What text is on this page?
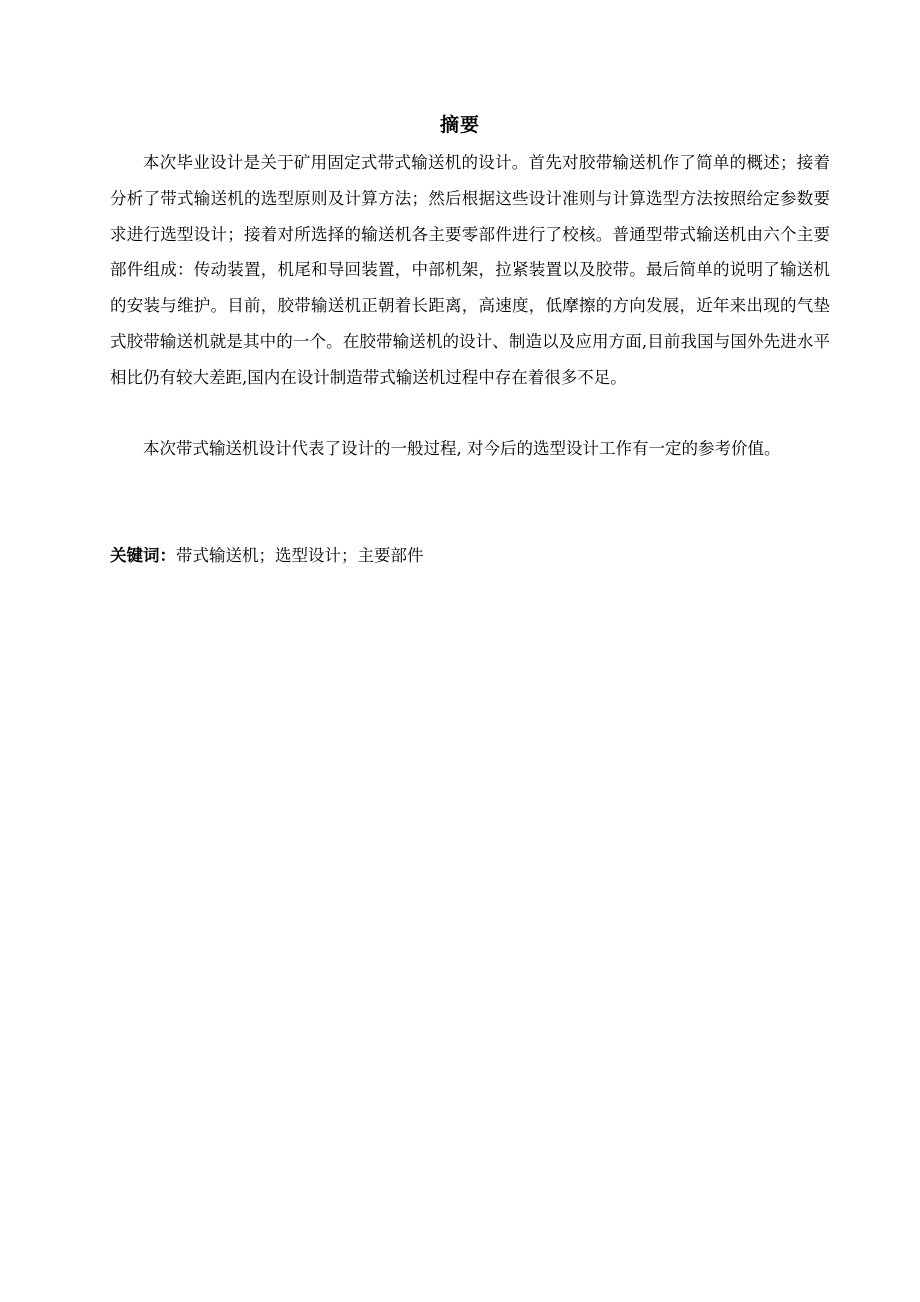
摘要

本次毕业设计是关于矿用固定式带式输送机的设计。首先对胶带输送机作了简单的概述；接着分析了带式输送机的选型原则及计算方法；然后根据这些设计准则与计算选型方法按照给定参数要求进行选型设计；接着对所选择的输送机各主要零部件进行了校核。普通型带式输送机由六个主要部件组成：传动装置，机尾和导回装置，中部机架，拉紧装置以及胶带。最后简单的说明了输送机的安装与维护。目前，胶带输送机正朝着长距离，高速度，低摩擦的方向发展，近年来出现的气垫式胶带输送机就是其中的一个。在胶带输送机的设计、制造以及应用方面,目前我国与国外先进水平相比仍有较大差距,国内在设计制造带式输送机过程中存在着很多不足。

本次带式输送机设计代表了设计的一般过程, 对今后的选型设计工作有一定的参考价值。

关键词：带式输送机；选型设计；主要部件
